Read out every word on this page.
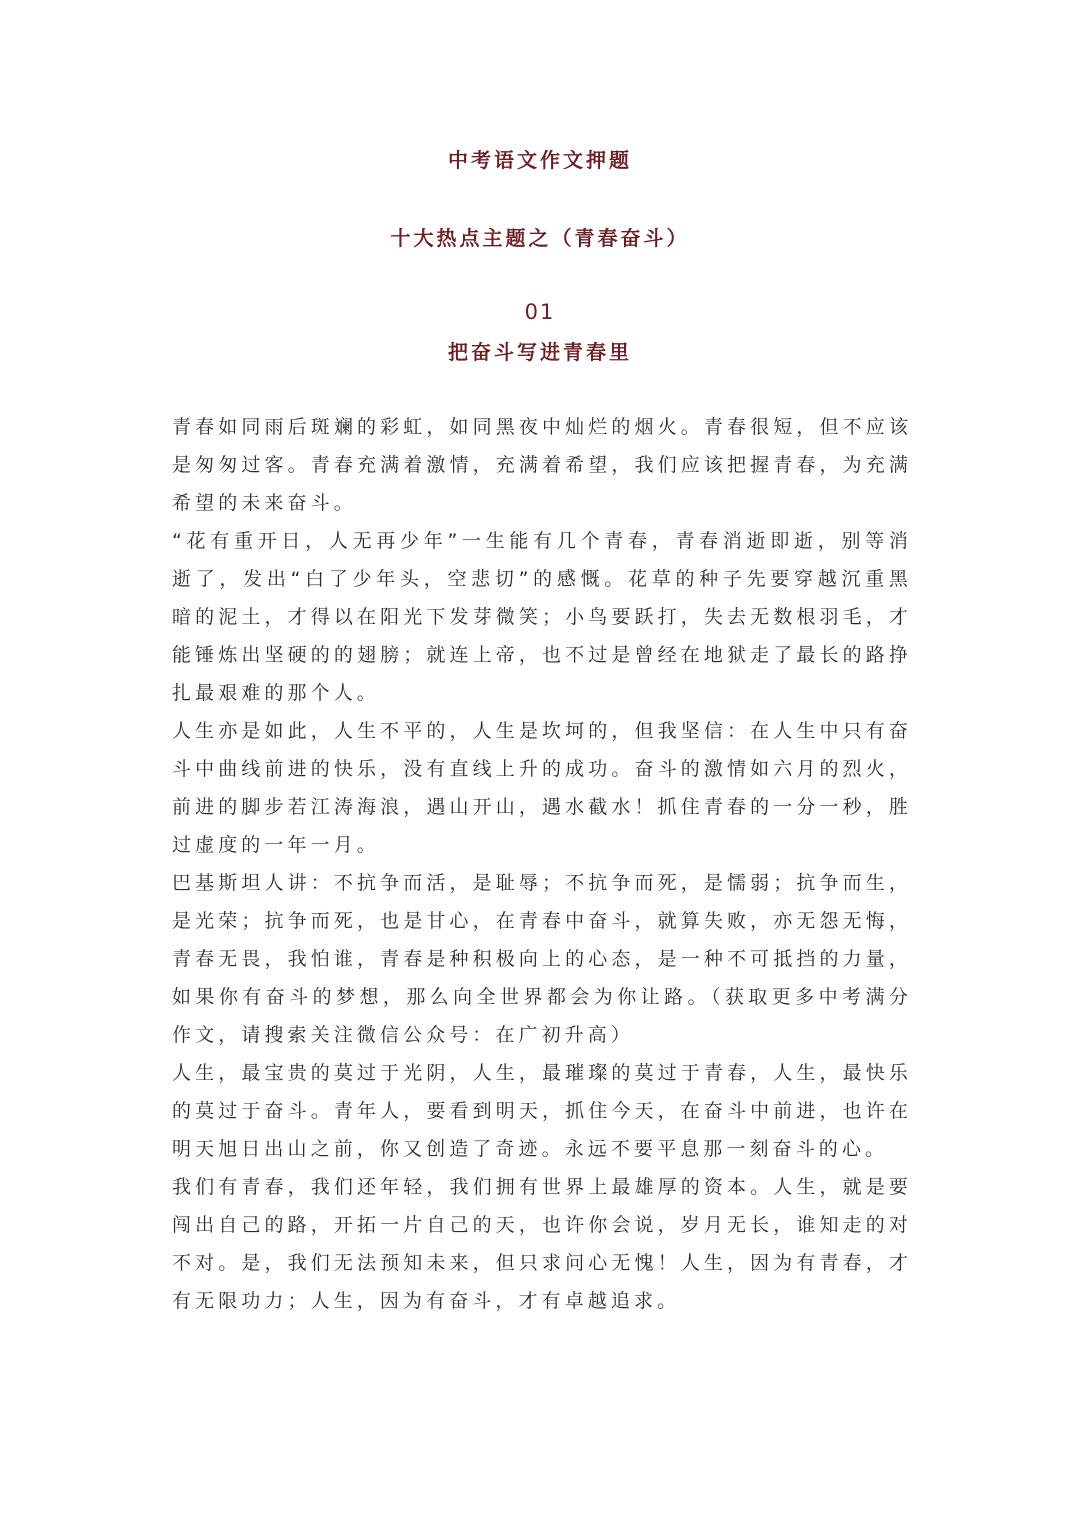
中考语文作文押题
十大热点主题之（青春奋斗）
01
把奋斗写进青春里

青春如同雨后斑斓的彩虹，如同黑夜中灿烂的烟火。青春很短，但不应该是匆匆过客。青春充满着激情，充满着希望，我们应该把握青春，为充满希望的未来奋斗。

“花有重开日，人无再少年”一生能有几个青春，青春消逝即逝，别等消逝了，发出“白了少年头，空悲切”的感慨。花草的种子先要穿越沉重黑暗的泥土，才得以在阳光下发芽微笑；小鸟要跃打，失去无数根羽毛，才能锤炼出坚硬的的翅膀；就连上帝，也不过是曾经在地狱走了最长的路挣扎最艰难的那个人。

人生亦是如此，人生不平的，人生是坎坷的，但我坚信：在人生中只有奋斗中曲线前进的快乐，没有直线上升的成功。奋斗的激情如六月的烈火，前进的脚步若江涛海浪，遇山开山，遇水截水！抓住青春的一分一秒，胜过虚度的一年一月。

巴基斯坦人讲：不抗争而活，是耻辱；不抗争而死，是懦弱；抗争而生，是光荣；抗争而死，也是甘心，在青春中奋斗，就算失败，亦无怨无悔，青春无畏，我怕谁，青春是种积极向上的心态，是一种不可抵挡的力量，如果你有奋斗的梦想，那么向全世界都会为你让路。（获取更多中考满分作文，请搜索关注微信公众号：在广初升高）

人生，最宝贵的莫过于光阴，人生，最璀璨的莫过于青春，人生，最快乐的莫过于奋斗。青年人，要看到明天，抓住今天，在奋斗中前进，也许在明天旭日出山之前，你又创造了奇迹。永远不要平息那一刻奋斗的心。

我们有青春，我们还年轻，我们拥有世界上最雄厚的资本。人生，就是要闯出自己的路，开拓一片自己的天，也许你会说，岁月无长，谁知走的对不对。是，我们无法预知未来，但只求问心无愧！人生，因为有青春，才有无限功力；人生，因为有奋斗，才有卓越追求。
